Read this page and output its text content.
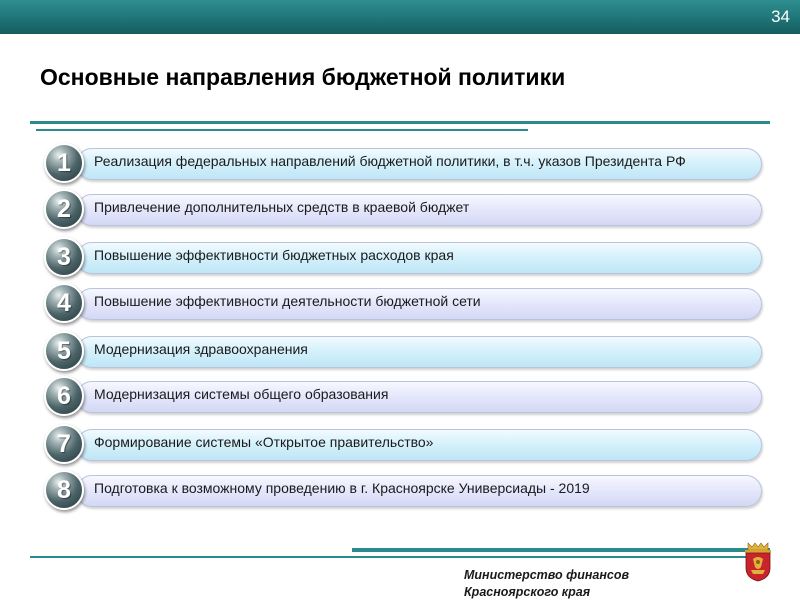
34
Основные направления бюджетной политики
1	Реализация федеральных направлений бюджетной политики, в т.ч. указов Президента РФ
2	Привлечение дополнительных средств в краевой бюджет
3	Повышение эффективности бюджетных расходов края
4	Повышение эффективности деятельности бюджетной сети
5	Модернизация здравоохранения
6	Модернизация системы общего образования
7	Формирование системы «Открытое правительство»
8	Подготовка к возможному проведению в г. Красноярске Универсиады - 2019
Министерство финансов
Красноярского края
